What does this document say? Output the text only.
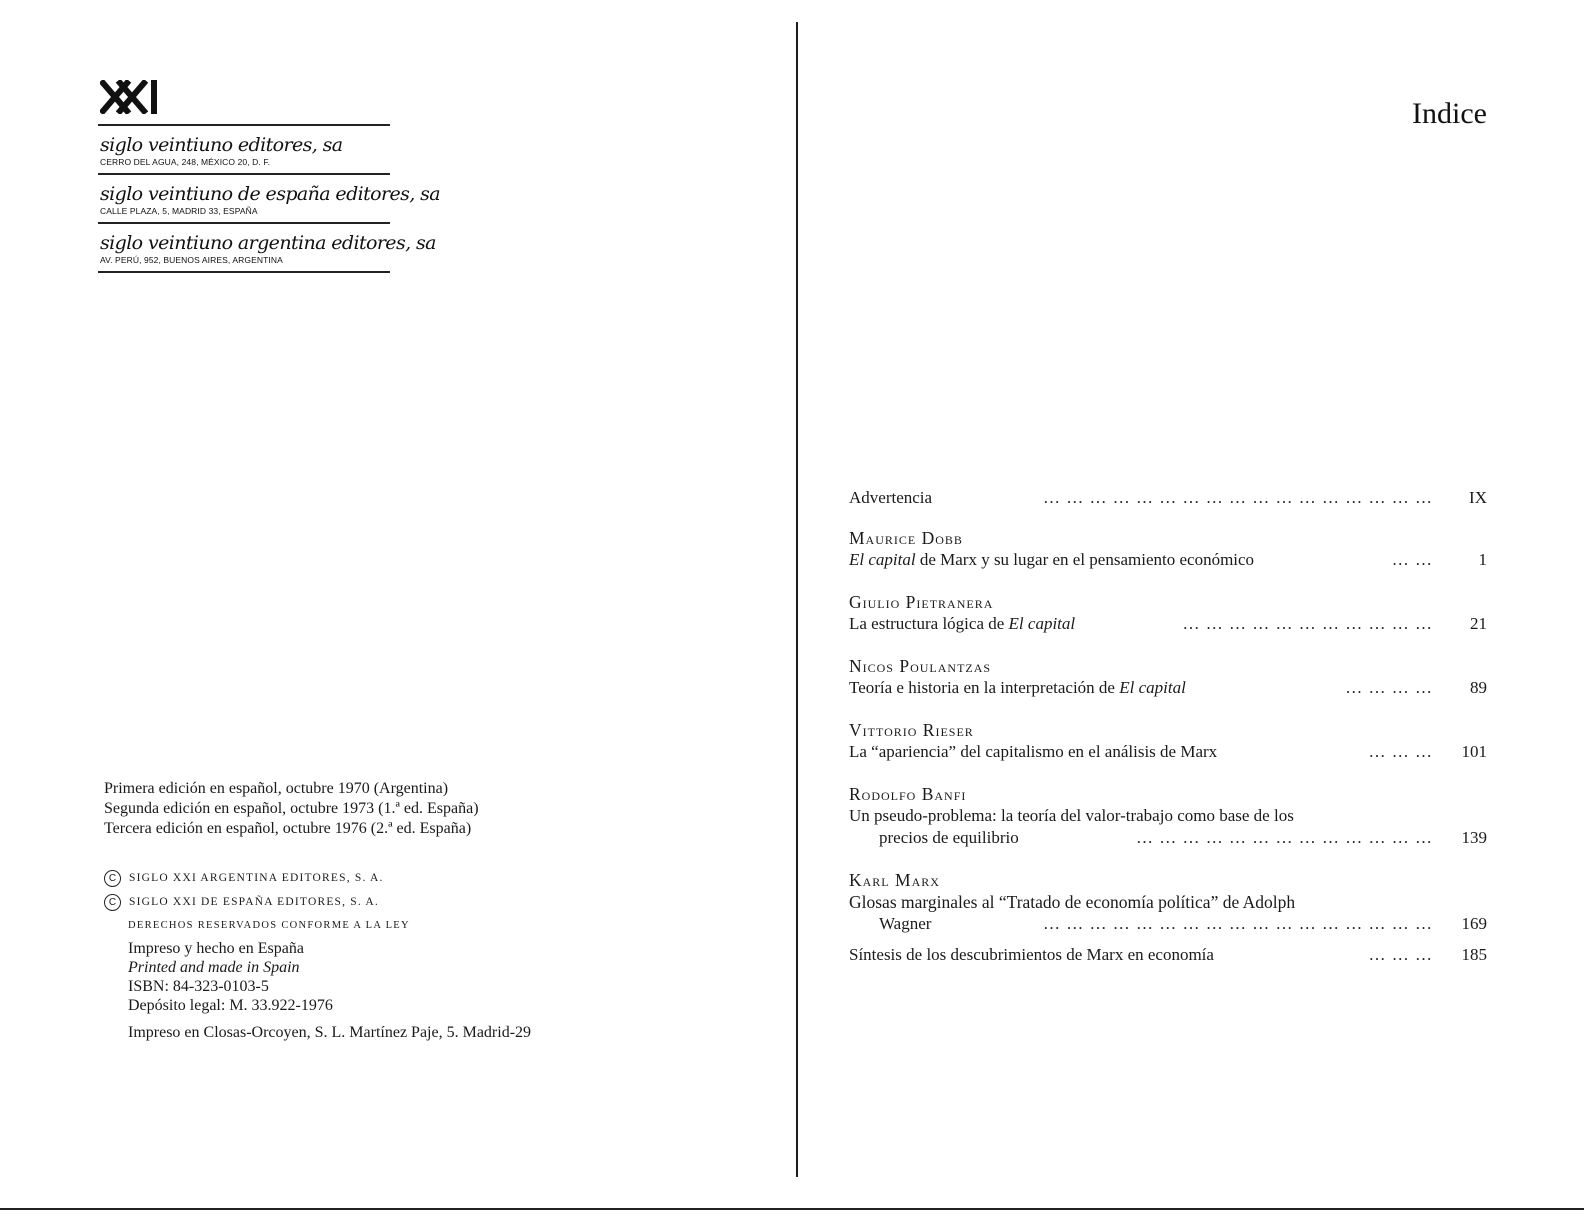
siglo veintiuno editores, sa
CERRO DEL AGUA, 248, MÉXICO 20, D. F.
siglo veintiuno de españa editores, sa
CALLE PLAZA, 5, MADRID 33, ESPAÑA
siglo veintiuno argentina editores, sa
AV. PERÚ, 952, BUENOS AIRES, ARGENTINA
Primera edición en español, octubre 1970 (Argentina)
Segunda edición en español, octubre 1973 (1.ª ed. España)
Tercera edición en español, octubre 1976 (2.ª ed. España)
C	SIGLO XXI ARGENTINA EDITORES, S. A.
C	SIGLO XXI DE ESPAÑA EDITORES, S. A.
DERECHOS RESERVADOS CONFORME A LA LEY
Impreso y hecho en España
Printed and made in Spain
ISBN: 84-323-0103-5
Depósito legal: M. 33.922-1976
Impreso en Closas-Orcoyen, S. L. Martínez Paje, 5. Madrid-29
Indice
Advertencia	… … … … … … … … … … … … … … … … … IX
Maurice Dobb
El capital de Marx y su lugar en el pensamiento económico	… …	1
Giulio Pietranera
La estructura lógica de El capital	… … … … … … … … … … … 21
Nicos Poulantzas
Teoría e historia en la interpretación de El capital	… … … … 89
Vittorio Rieser
La “apariencia” del capitalismo en el análisis de Marx	… … … 101
Rodolfo Banfi
Un pseudo-problema: la teoría del valor-trabajo como base de los
precios de equilibrio	… … … … … … … … … … … … … 139
Karl Marx
Glosas marginales al “Tratado de economía política” de Adolph
Wagner	… … … … … … … … … … … … … … … … … 169
Síntesis de los descubrimientos de Marx en economía	… … … 185
